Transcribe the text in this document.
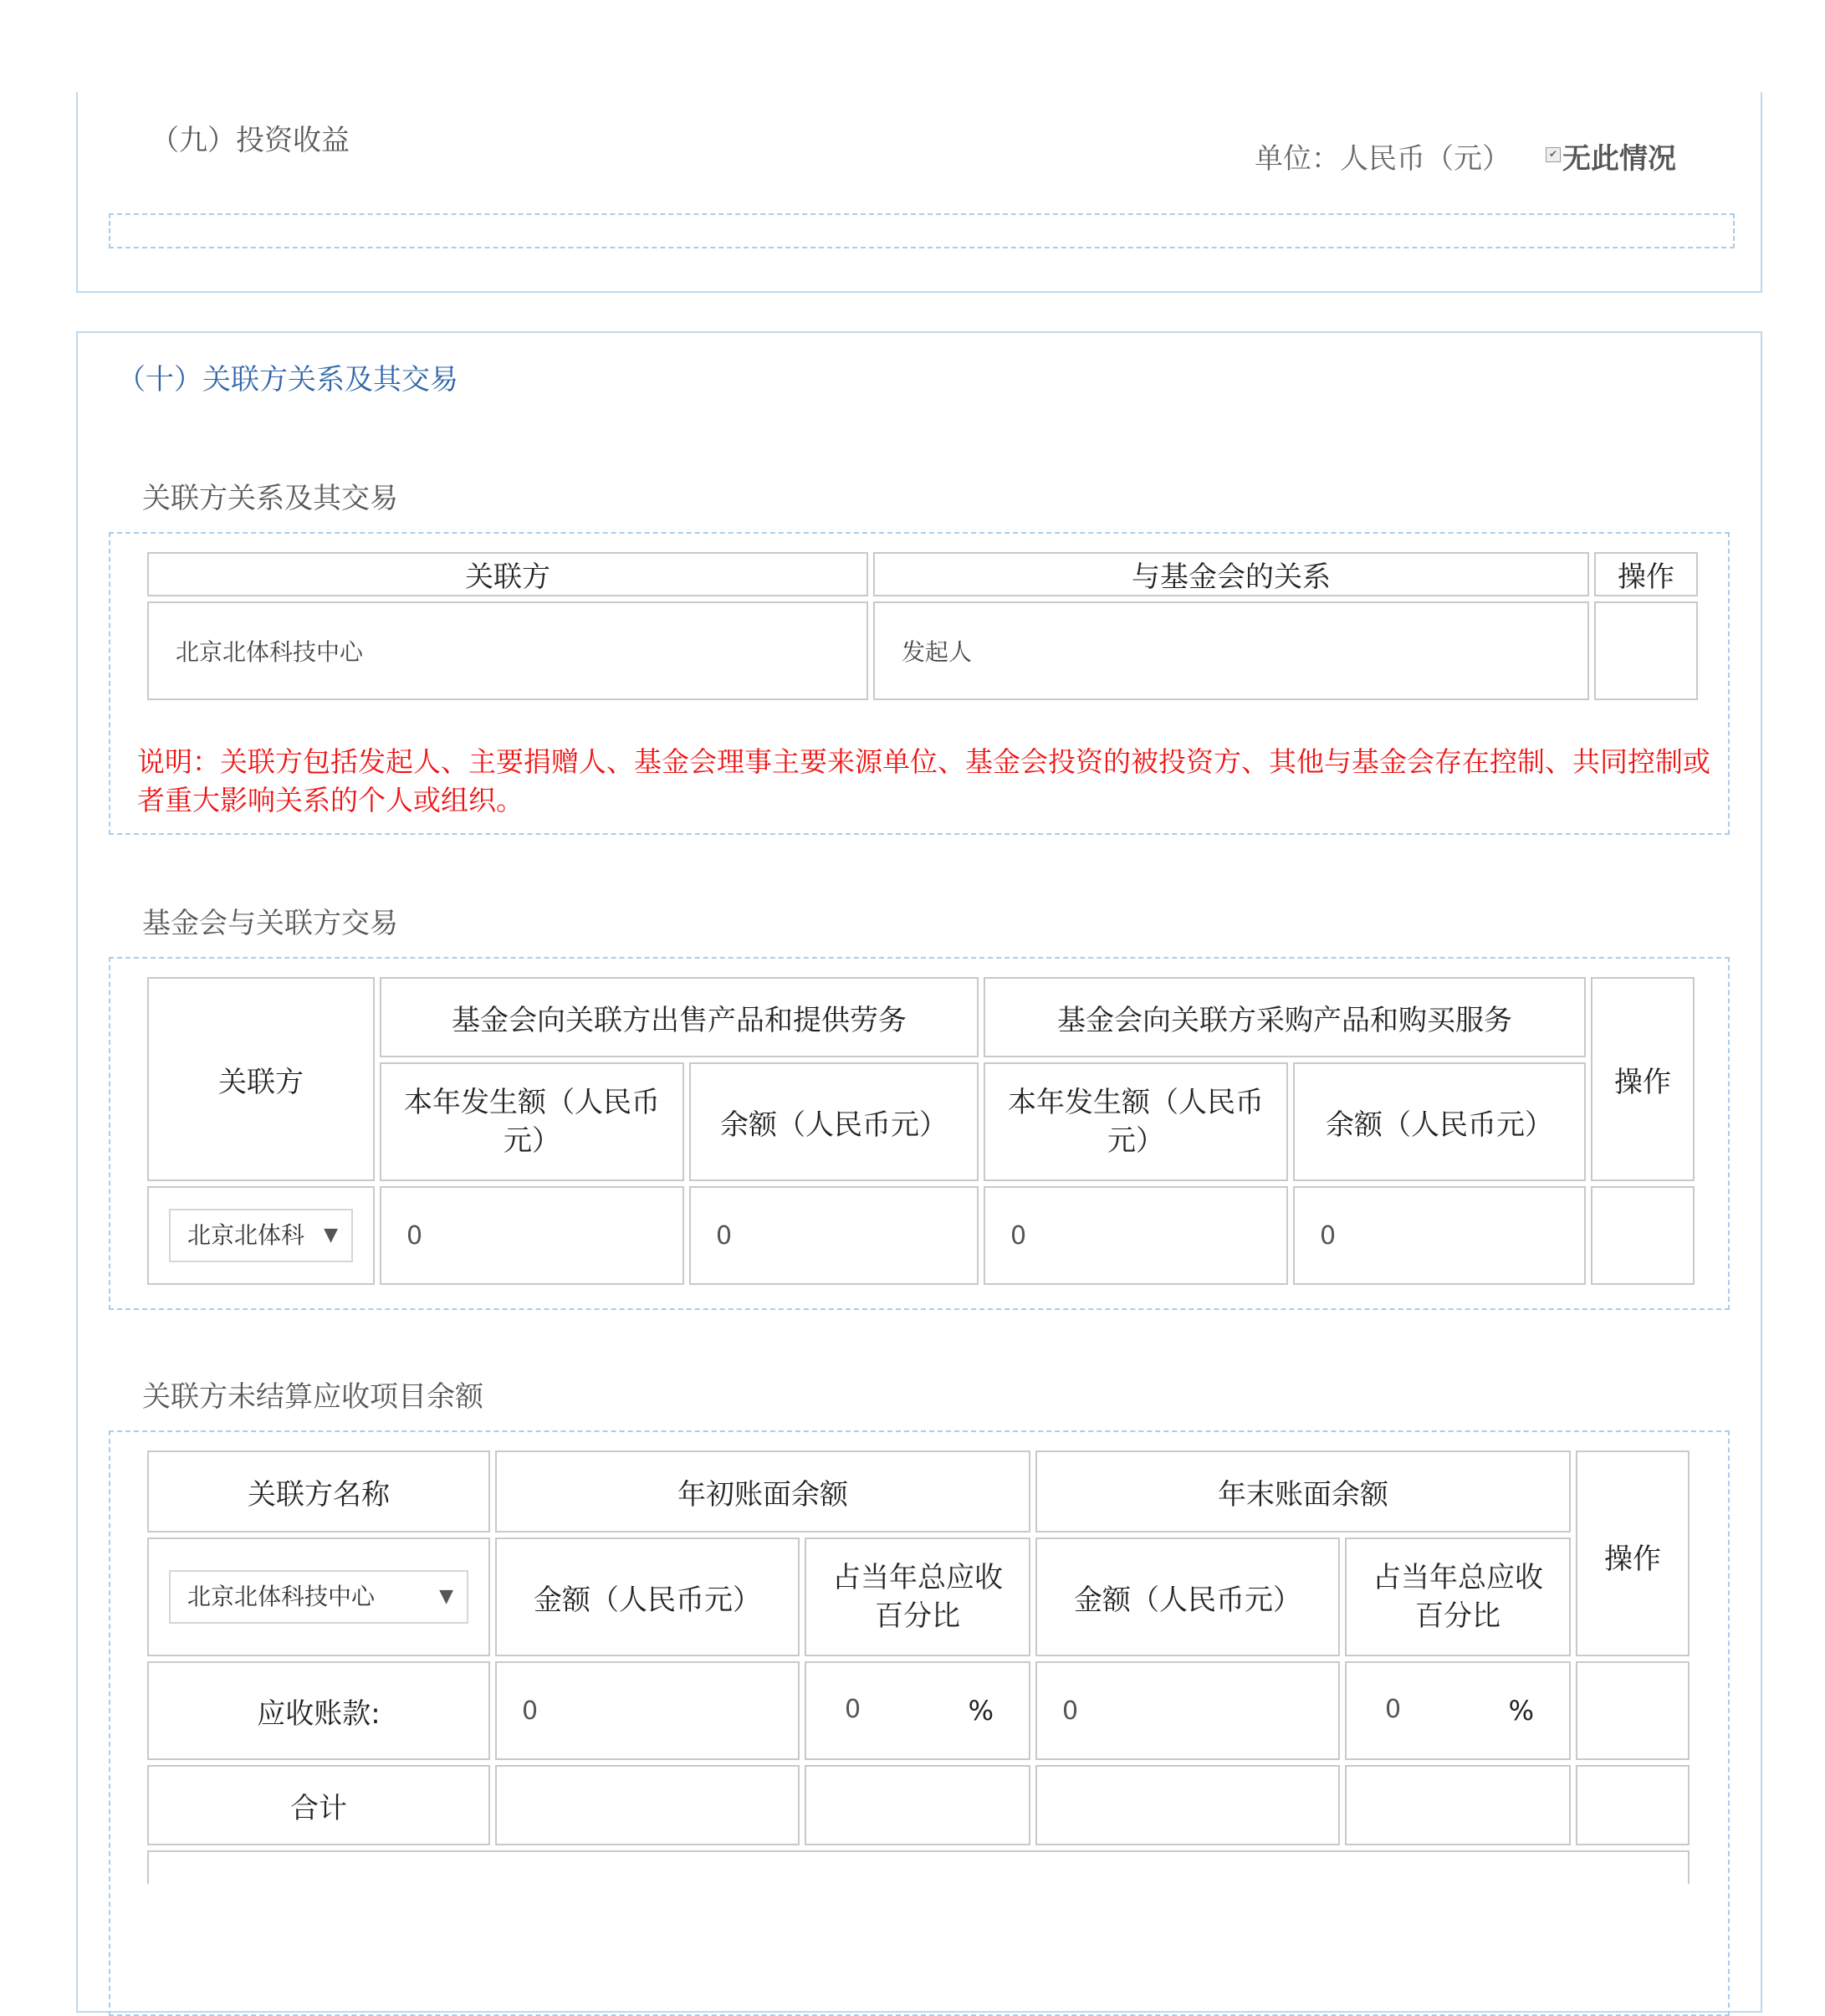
（九）投资收益
单位：人民币（元）	✔ 无此情况
（十）关联方关系及其交易
关联方关系及其交易
关联方	与基金会的关系	操作
北京北体科技中心	发起人	
说明：关联方包括发起人、主要捐赠人、基金会理事主要来源单位、基金会投资的被投资方、其他与基金会存在控制、共同控制或者重大影响关系的个人或组织。
基金会与关联方交易
关联方	基金会向关联方出售产品和提供劳务		基金会向关联方采购产品和购买服务		操作
	本年发生额（人民币元）	余额（人民币元）	本年发生额（人民币元）	余额（人民币元）	
北京北体科 ▼	0	0	0	0	
关联方未结算应收项目余额
关联方名称	年初账面余额		年末账面余额		操作
北京北体科技中心 ▼	金额（人民币元）	占当年总应收百分比	金额（人民币元）	占当年总应收百分比	
应收账款:	0	0 %	0	0 %	

合计					
